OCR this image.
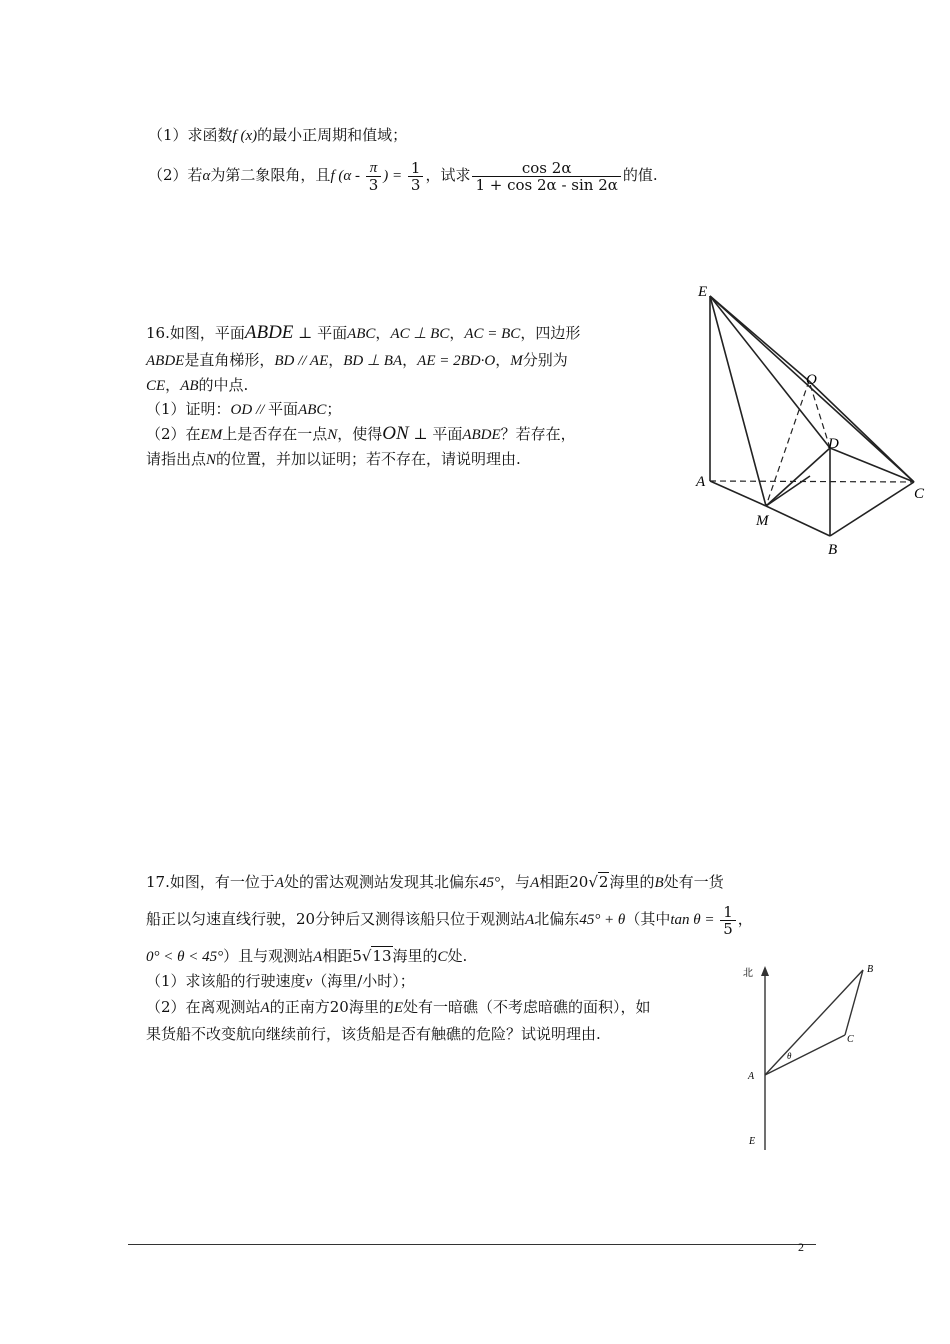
（1）求函数f (x)的最小正周期和值域；
（2）若α为第二象限角，且f ($\alpha - \frac{\pi}{3}$ ) = $\frac{1}{3}$ ，试求 $\frac{\cos 2\alpha}{1 + \cos 2\alpha - \sin 2\alpha}$ 的值.
16.如图，平面ABDE ⊥ 平面ABC，AC ⊥ BC，AC = BC，四边形
ABDE是直角梯形，BD // AE，BD ⊥ BA，AE = 2BD·O，M分别为
CE，AB的中点.
（1）证明：OD // 平面ABC；
（2）在EM上是否存在一点N，使得ON ⊥ 平面ABDE？若存在，
请指出点N的位置，并加以证明；若不存在，请说明理由.
E
O
D
A
C
M
B
17.如图，有一位于A处的雷达观测站发现其北偏东45°，与A相距20√2海里的B处有一货
船正以匀速直线行驶，20分钟后又测得该船只位于观测站A北偏东45° + θ（其中$\tan \theta = \frac{1}{5}$ ，
0° < θ < 45°）且与观测站A相距5√13海里的C处.
（1）求该船的行驶速度v（海里/小时）；
（2）在离观测站A的正南方20海里的E处有一暗礁（不考虑暗礁的面积），如
果货船不改变航向继续前行，该货船是否有触礁的危险？试说明理由.
北	B
C
A
E
θ
2
